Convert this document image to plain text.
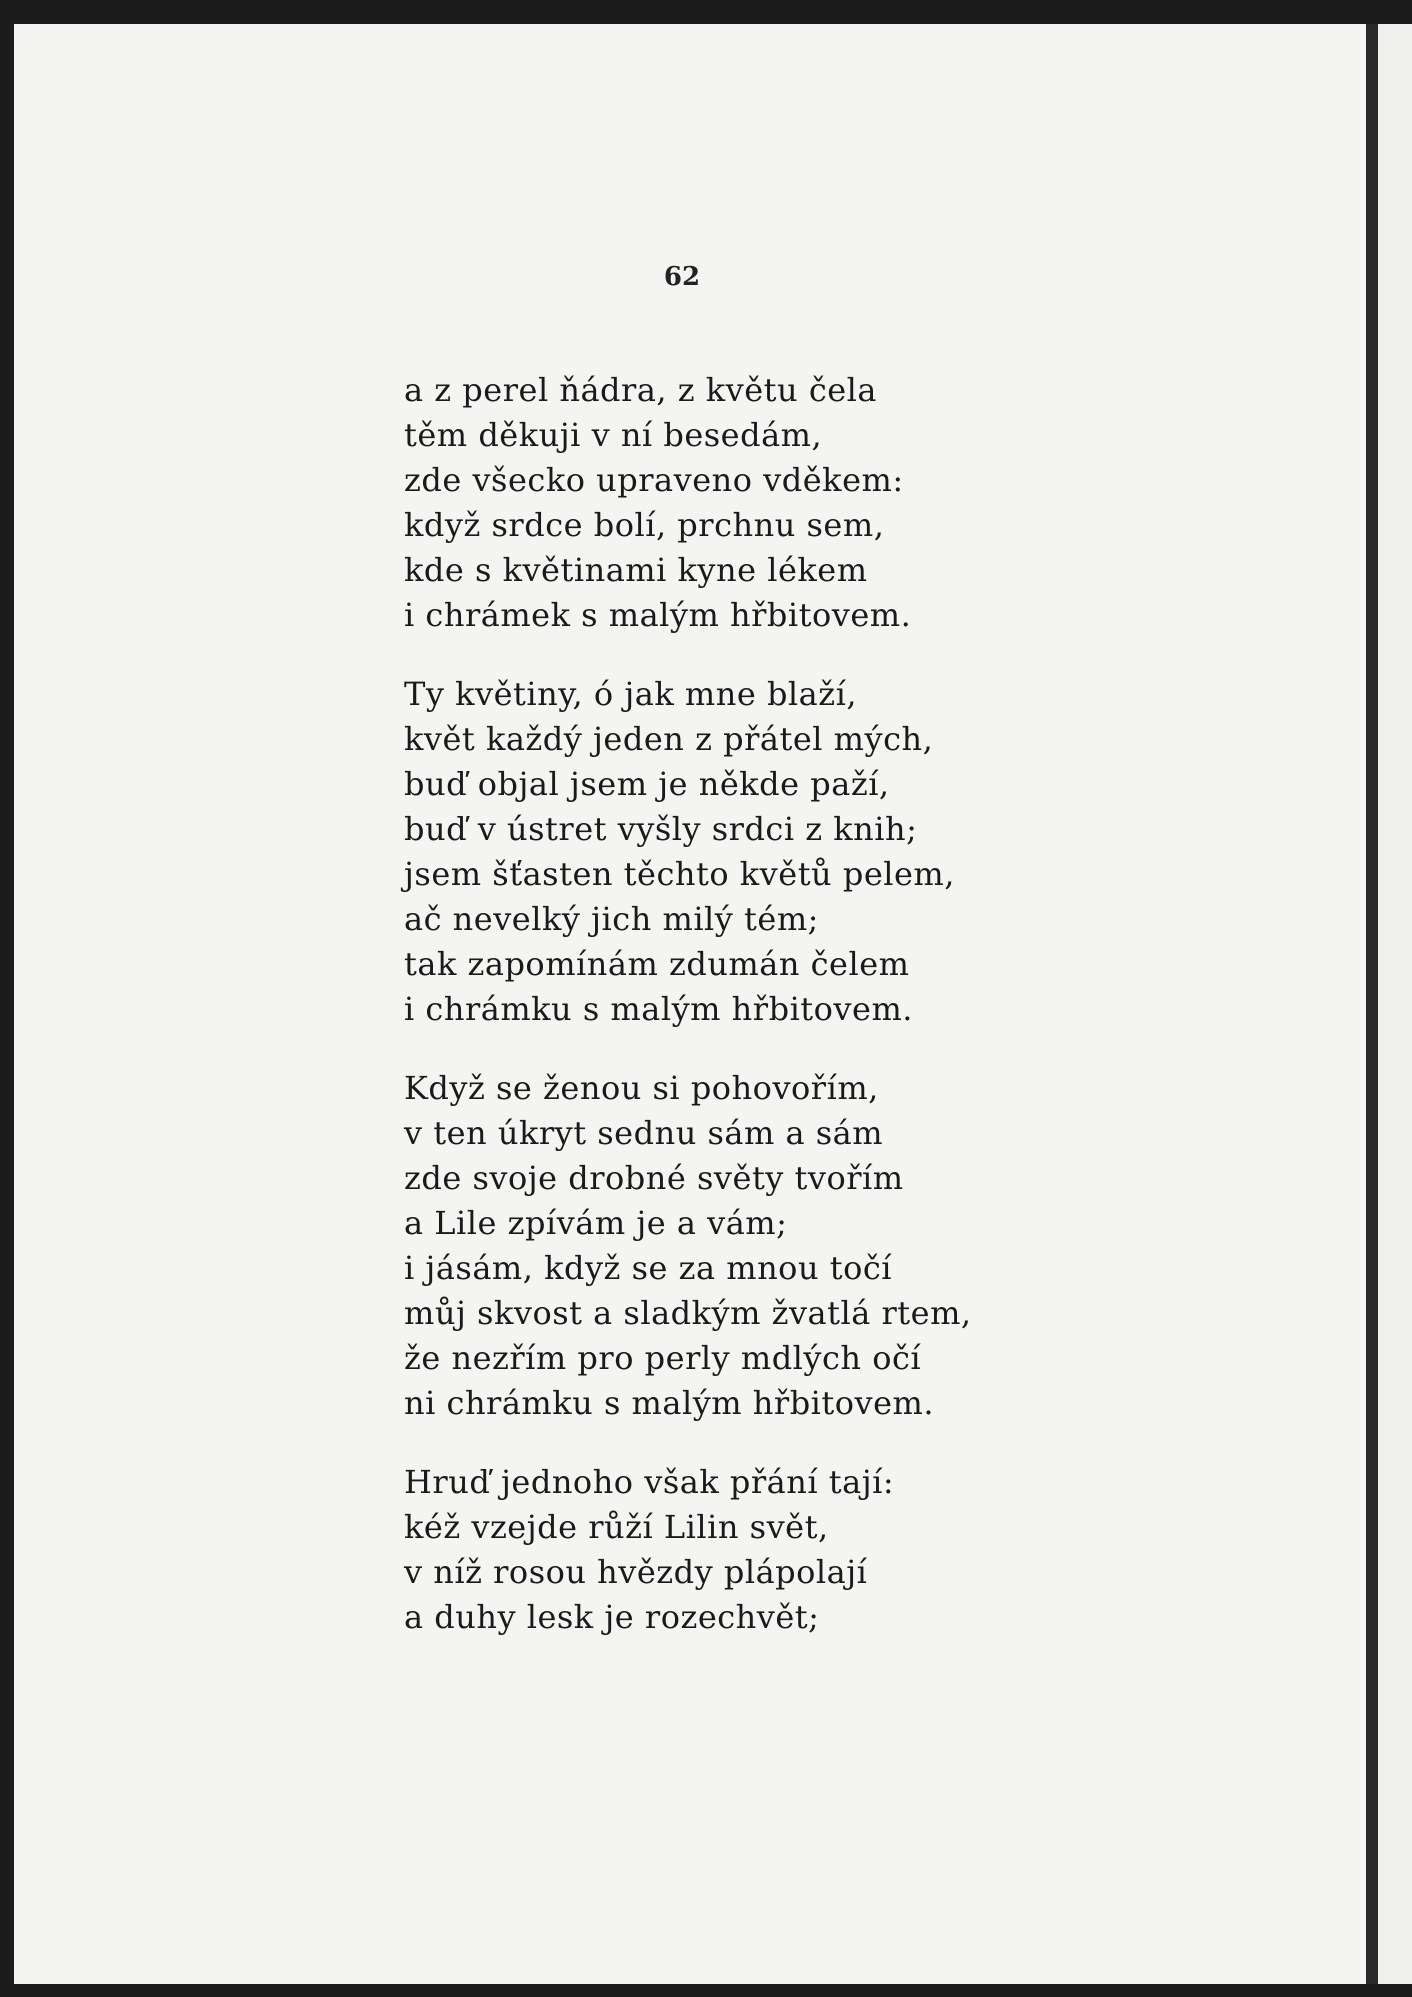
62
a z perel ňádra, z květu čela
těm děkuji v ní besedám,
zde všecko upraveno vděkem:
když srdce bolí, prchnu sem,
kde s květinami kyne lékem
i chrámek s malým hřbitovem.
Ty květiny, ó jak mne blaží,
květ každý jeden z přátel mých,
buď objal jsem je někde paží,
buď v ústret vyšly srdci z knih;
jsem šťasten těchto květů pelem,
ač nevelký jich milý tém;
tak zapomínám zdumán čelem
i chrámku s malým hřbitovem.
Když se ženou si pohovořím,
v ten úkryt sednu sám a sám
zde svoje drobné světy tvořím
a Lile zpívám je a vám;
i jásám, když se za mnou točí
můj skvost a sladkým žvatlá rtem,
že nezřím pro perly mdlých očí
ni chrámku s malým hřbitovem.
Hruď jednoho však přání tají:
kéž vzejde růží Lilin svět,
v níž rosou hvězdy plápolají
a duhy lesk je rozechvět;
